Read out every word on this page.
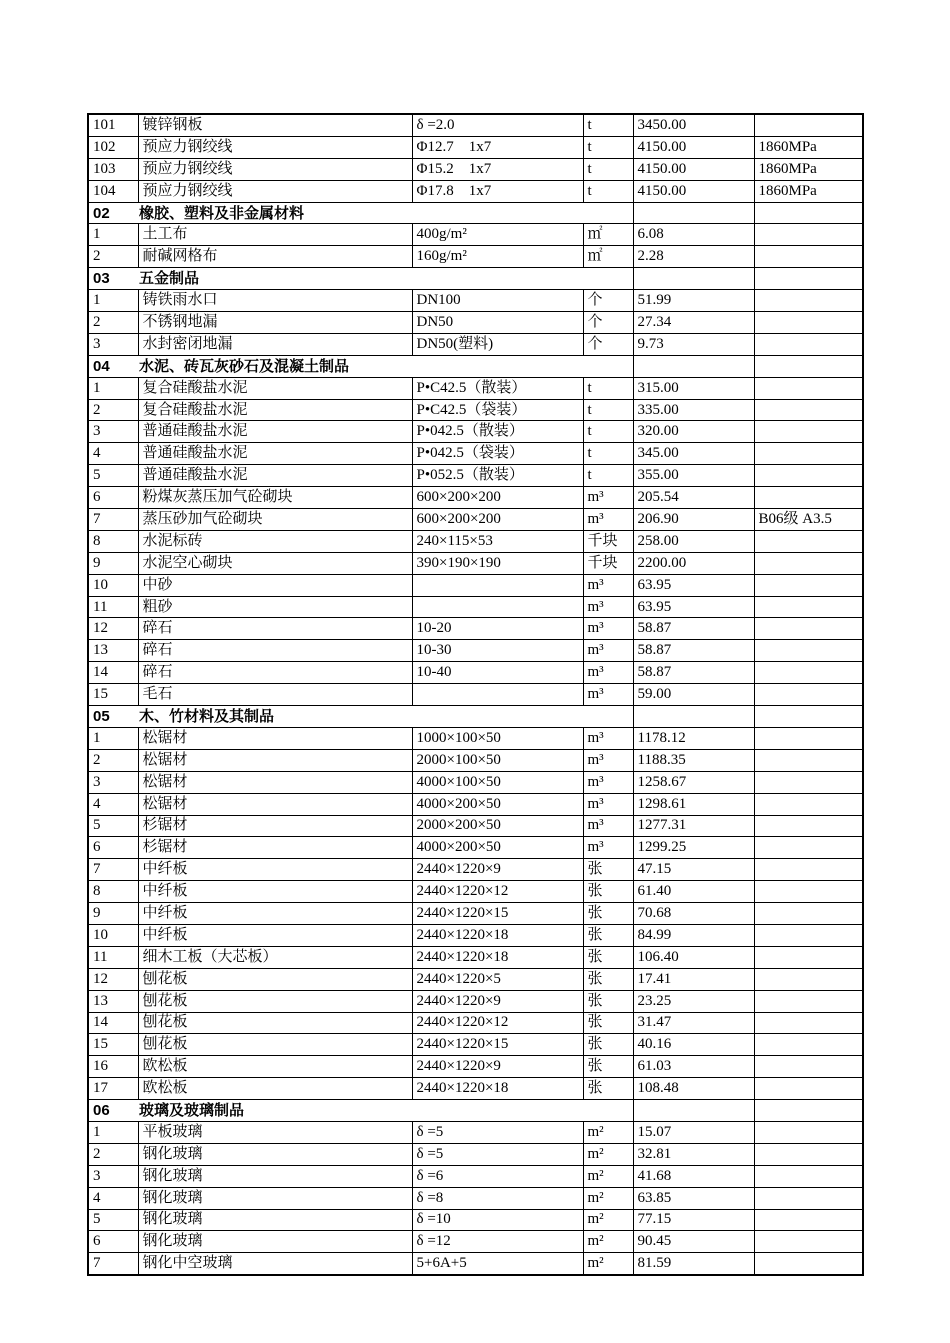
101	镀锌钢板	δ =2.0	t	3450.00	
102	预应力钢绞线	Φ12.7    1x7	t	4150.00	1860MPa
103	预应力钢绞线	Φ15.2    1x7	t	4150.00	1860MPa
104	预应力钢绞线	Φ17.8    1x7	t	4150.00	1860MPa
02 橡胶、塑料及非金属材料					
1	土工布	400g/m²	㎡	6.08	
2	耐碱网格布	160g/m²	㎡	2.28	
03 五金制品					
1	铸铁雨水口	DN100	个	51.99	
2	不锈钢地漏	DN50	个	27.34	
3	水封密闭地漏	DN50(塑料)	个	9.73	
04 水泥、砖瓦灰砂石及混凝土制品					
1	复合硅酸盐水泥	P•C42.5（散装）	t	315.00	
2	复合硅酸盐水泥	P•C42.5（袋装）	t	335.00	
3	普通硅酸盐水泥	P•042.5（散装）	t	320.00	
4	普通硅酸盐水泥	P•042.5（袋装）	t	345.00	
5	普通硅酸盐水泥	P•052.5（散装）	t	355.00	
6	粉煤灰蒸压加气砼砌块	600×200×200	m³	205.54	
7	蒸压砂加气砼砌块	600×200×200	m³	206.90	B06级 A3.5
8	水泥标砖	240×115×53	千块	258.00	
9	水泥空心砌块	390×190×190	千块	2200.00	
10	中砂		m³	63.95	
11	粗砂		m³	63.95	
12	碎石	10-20	m³	58.87	
13	碎石	10-30	m³	58.87	
14	碎石	10-40	m³	58.87	
15	毛石		m³	59.00	
05 木、竹材料及其制品					
1	松锯材	1000×100×50	m³	1178.12	
2	松锯材	2000×100×50	m³	1188.35	
3	松锯材	4000×100×50	m³	1258.67	
4	松锯材	4000×200×50	m³	1298.61	
5	杉锯材	2000×200×50	m³	1277.31	
6	杉锯材	4000×200×50	m³	1299.25	
7	中纤板	2440×1220×9	张	47.15	
8	中纤板	2440×1220×12	张	61.40	
9	中纤板	2440×1220×15	张	70.68	
10	中纤板	2440×1220×18	张	84.99	
11	细木工板（大芯板）	2440×1220×18	张	106.40	
12	刨花板	2440×1220×5	张	17.41	
13	刨花板	2440×1220×9	张	23.25	
14	刨花板	2440×1220×12	张	31.47	
15	刨花板	2440×1220×15	张	40.16	
16	欧松板	2440×1220×9	张	61.03	
17	欧松板	2440×1220×18	张	108.48	
06 玻璃及玻璃制品					
1	平板玻璃	δ =5	m²	15.07	
2	钢化玻璃	δ =5	m²	32.81	
3	钢化玻璃	δ =6	m²	41.68	
4	钢化玻璃	δ =8	m²	63.85	
5	钢化玻璃	δ =10	m²	77.15	
6	钢化玻璃	δ =12	m²	90.45	
7	钢化中空玻璃	5+6A+5	m²	81.59	
